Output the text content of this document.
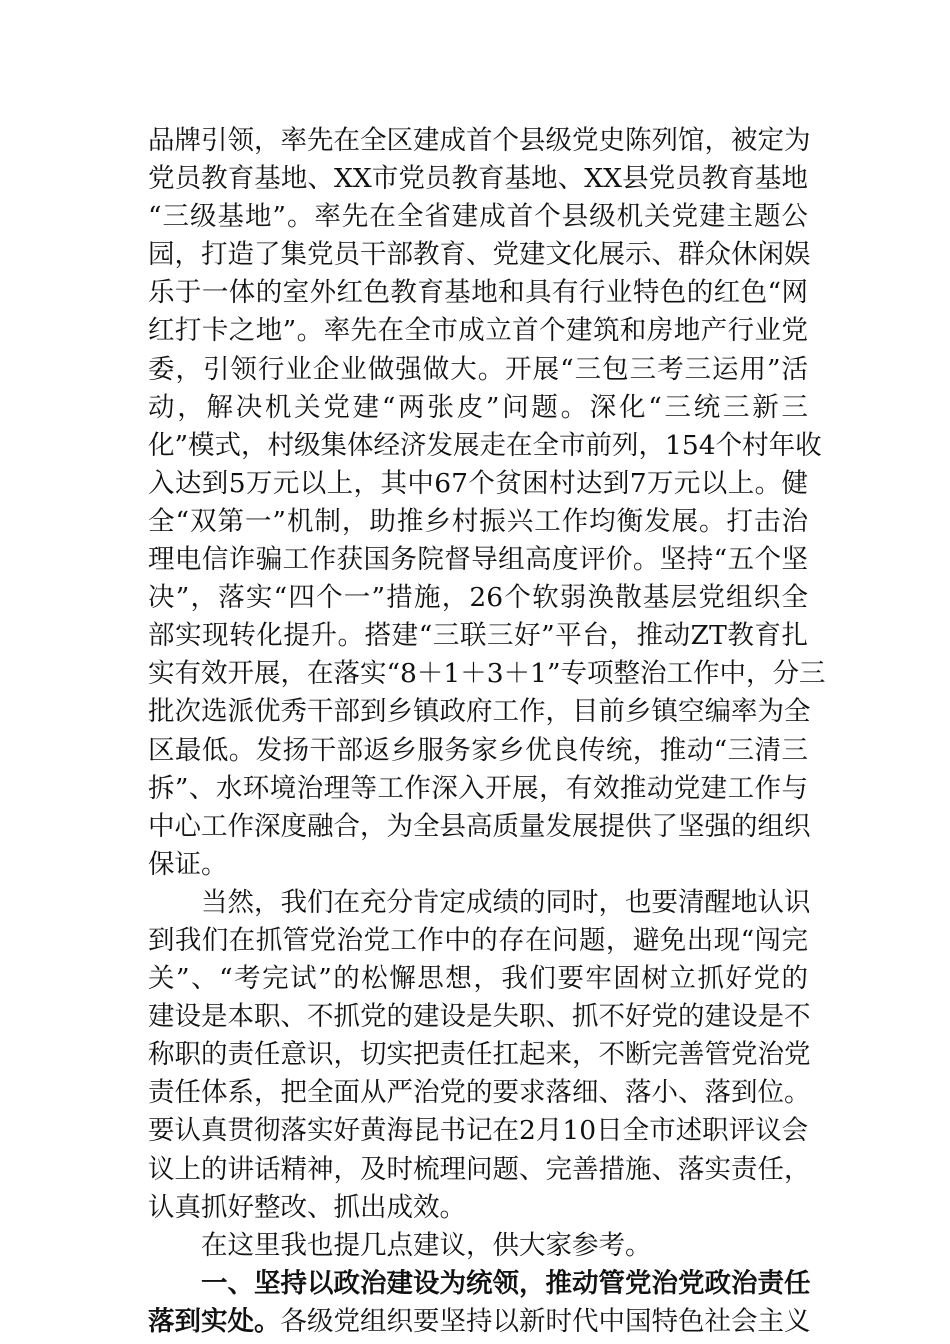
品牌引领，率先在全区建成首个县级党史陈列馆，被定为
党员教育基地、XX市党员教育基地、XX县党员教育基地
“三级基地”。率先在全省建成首个县级机关党建主题公
园，打造了集党员干部教育、党建文化展示、群众休闲娱
乐于一体的室外红色教育基地和具有行业特色的红色“网
红打卡之地”。率先在全市成立首个建筑和房地产行业党
委，引领行业企业做强做大。开展“三包三考三运用”活
动，解决机关党建“两张皮”问题。深化“三统三新三
化”模式，村级集体经济发展走在全市前列，154个村年收
入达到5万元以上，其中67个贫困村达到7万元以上。健
全“双第一”机制，助推乡村振兴工作均衡发展。打击治
理电信诈骗工作获国务院督导组高度评价。坚持“五个坚
决”，落实“四个一”措施，26个软弱涣散基层党组织全
部实现转化提升。搭建“三联三好”平台，推动ZT教育扎
实有效开展，在落实“8＋1＋3＋1”专项整治工作中，分三
批次选派优秀干部到乡镇政府工作，目前乡镇空编率为全
区最低。发扬干部返乡服务家乡优良传统，推动“三清三
拆”、水环境治理等工作深入开展，有效推动党建工作与
中心工作深度融合，为全县高质量发展提供了坚强的组织
保证。
当然，我们在充分肯定成绩的同时，也要清醒地认识
到我们在抓管党治党工作中的存在问题，避免出现“闯完
关”、“考完试”的松懈思想，我们要牢固树立抓好党的
建设是本职、不抓党的建设是失职、抓不好党的建设是不
称职的责任意识，切实把责任扛起来，不断完善管党治党
责任体系，把全面从严治党的要求落细、落小、落到位。
要认真贯彻落实好黄海昆书记在2月10日全市述职评议会
议上的讲话精神，及时梳理问题、完善措施、落实责任，
认真抓好整改、抓出成效。
在这里我也提几点建议，供大家参考。
一、坚持以政治建设为统领，推动管党治党政治责任
落到实处。各级党组织要坚持以新时代中国特色社会主义
